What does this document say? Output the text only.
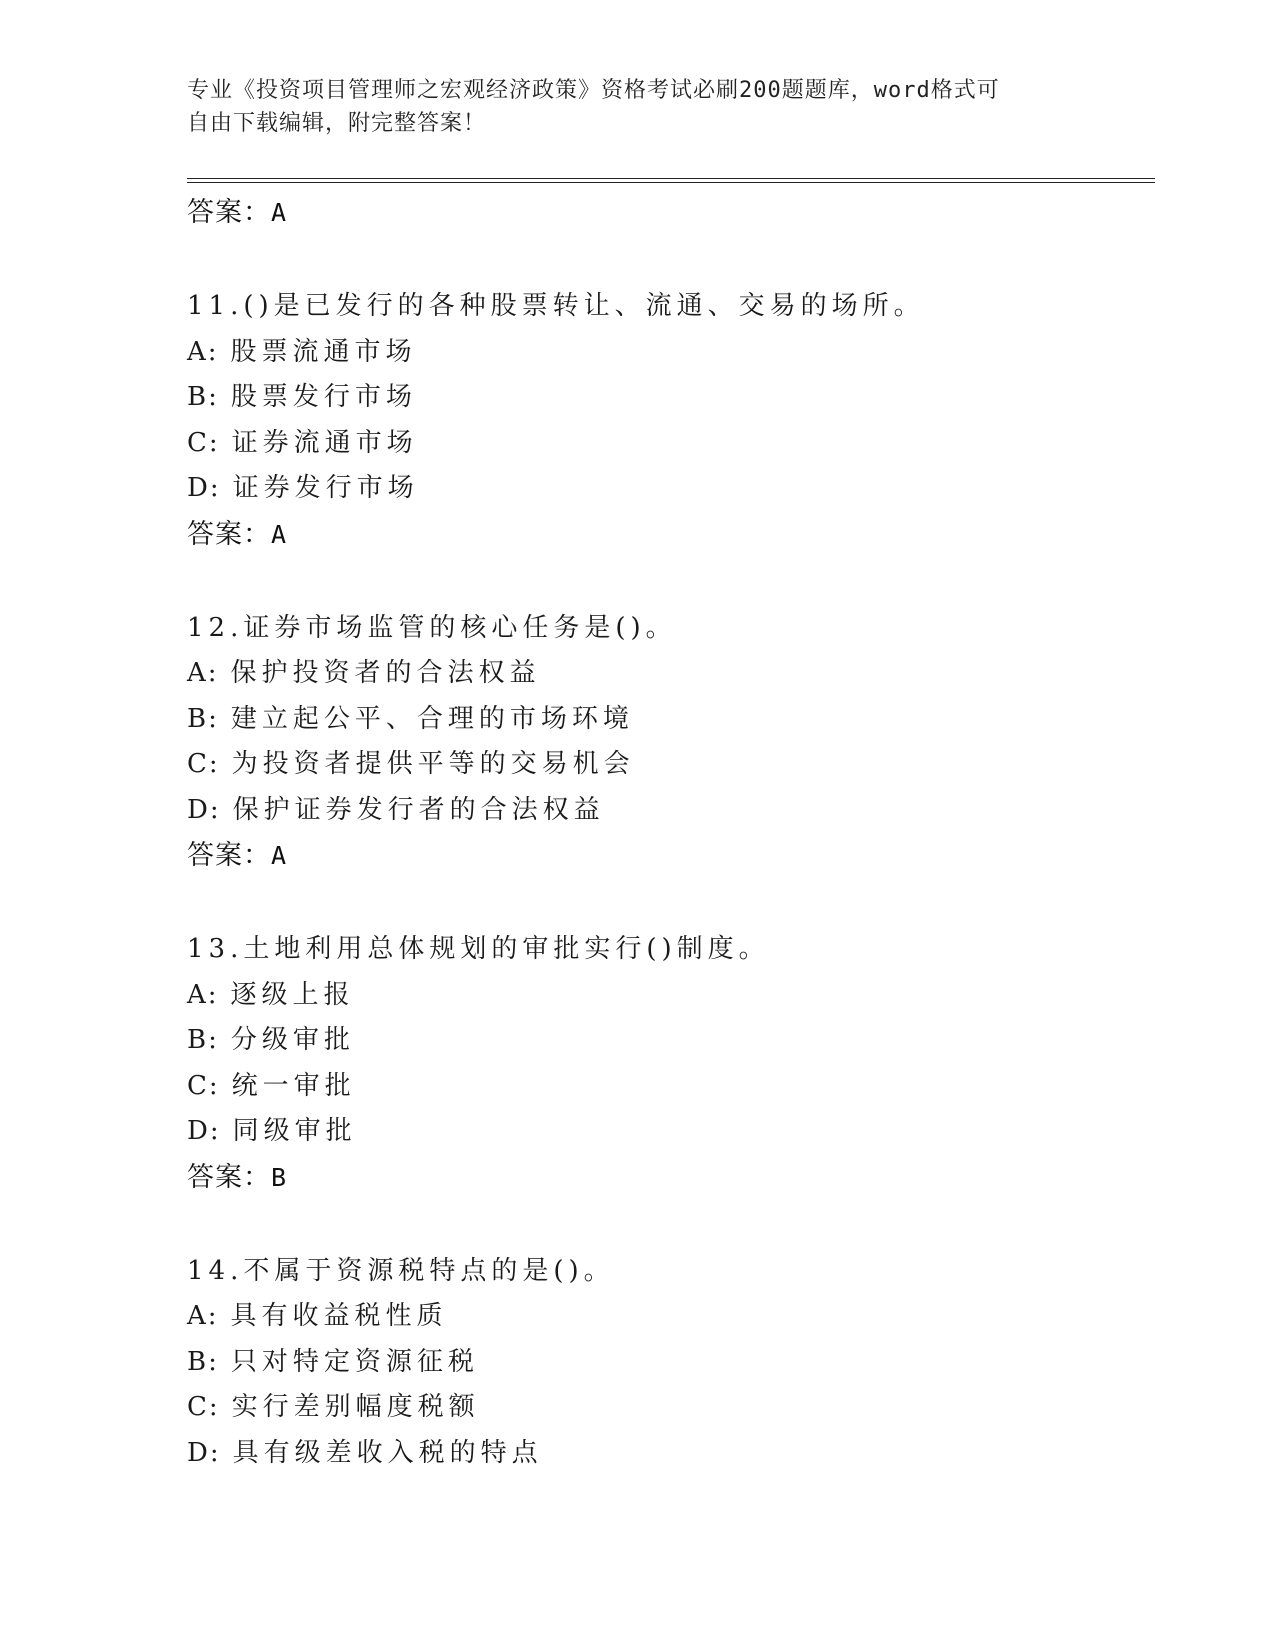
专业《投资项目管理师之宏观经济政策》资格考试必刷200题题库，word格式可
自由下载编辑，附完整答案！
答案：A
11.()是已发行的各种股票转让、流通、交易的场所。
A: 股票流通市场
B: 股票发行市场
C: 证券流通市场
D: 证券发行市场
答案：A
12.证券市场监管的核心任务是()。
A: 保护投资者的合法权益
B: 建立起公平、合理的市场环境
C: 为投资者提供平等的交易机会
D: 保护证券发行者的合法权益
答案：A
13.土地利用总体规划的审批实行()制度。
A: 逐级上报
B: 分级审批
C: 统一审批
D: 同级审批
答案：B
14.不属于资源税特点的是()。
A: 具有收益税性质
B: 只对特定资源征税
C: 实行差别幅度税额
D: 具有级差收入税的特点
